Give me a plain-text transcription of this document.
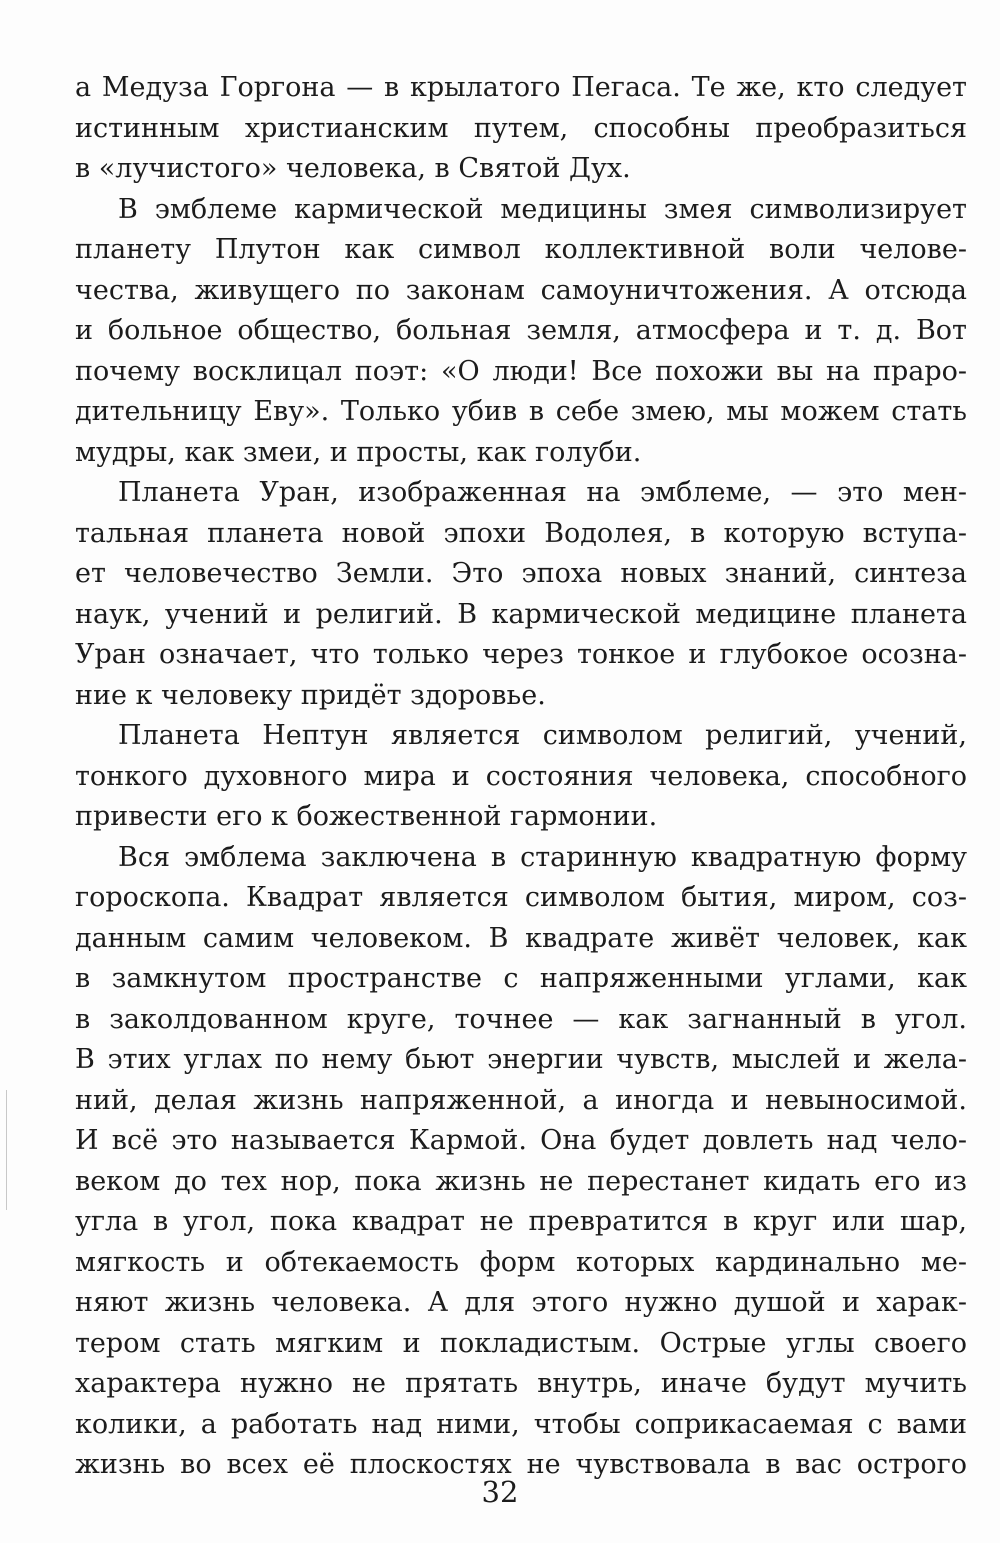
а Медуза Горгона — в крылатого Пегаса. Те же, кто следует
истинным христианским путем, способны преобразиться
в «лучистого» человека, в Святой Дух.
В эмблеме кармической медицины змея символизирует
планету Плутон как символ коллективной воли челове-
чества, живущего по законам самоуничтожения. А отсюда
и больное общество, больная земля, атмосфера и т. д. Вот
почему восклицал поэт: «О люди! Все похожи вы на праро-
дительницу Еву». Только убив в себе змею, мы можем стать
мудры, как змеи, и просты, как голуби.
Планета Уран, изображенная на эмблеме, — это мен-
тальная планета новой эпохи Водолея, в которую вступа-
ет человечество Земли. Это эпоха новых знаний, синтеза
наук, учений и религий. В кармической медицине планета
Уран означает, что только через тонкое и глубокое осозна-
ние к человеку придёт здоровье.
Планета Нептун является символом религий, учений,
тонкого духовного мира и состояния человека, способного
привести его к божественной гармонии.
Вся эмблема заключена в старинную квадратную форму
гороскопа. Квадрат является символом бытия, миром, соз-
данным самим человеком. В квадрате живёт человек, как
в замкнутом пространстве с напряженными углами, как
в заколдованном круге, точнее — как загнанный в угол.
В этих углах по нему бьют энергии чувств, мыслей и жела-
ний, делая жизнь напряженной, а иногда и невыносимой.
И всё это называется Кармой. Она будет довлеть над чело-
веком до тех нор, пока жизнь не перестанет кидать его из
угла в угол, пока квадрат не превратится в круг или шар,
мягкость и обтекаемость форм которых кардинально ме-
няют жизнь человека. А для этого нужно душой и харак-
тером стать мягким и покладистым. Острые углы своего
характера нужно не прятать внутрь, иначе будут мучить
колики, а работать над ними, чтобы соприкасаемая с вами
жизнь во всех её плоскостях не чувствовала в вас острого
32
